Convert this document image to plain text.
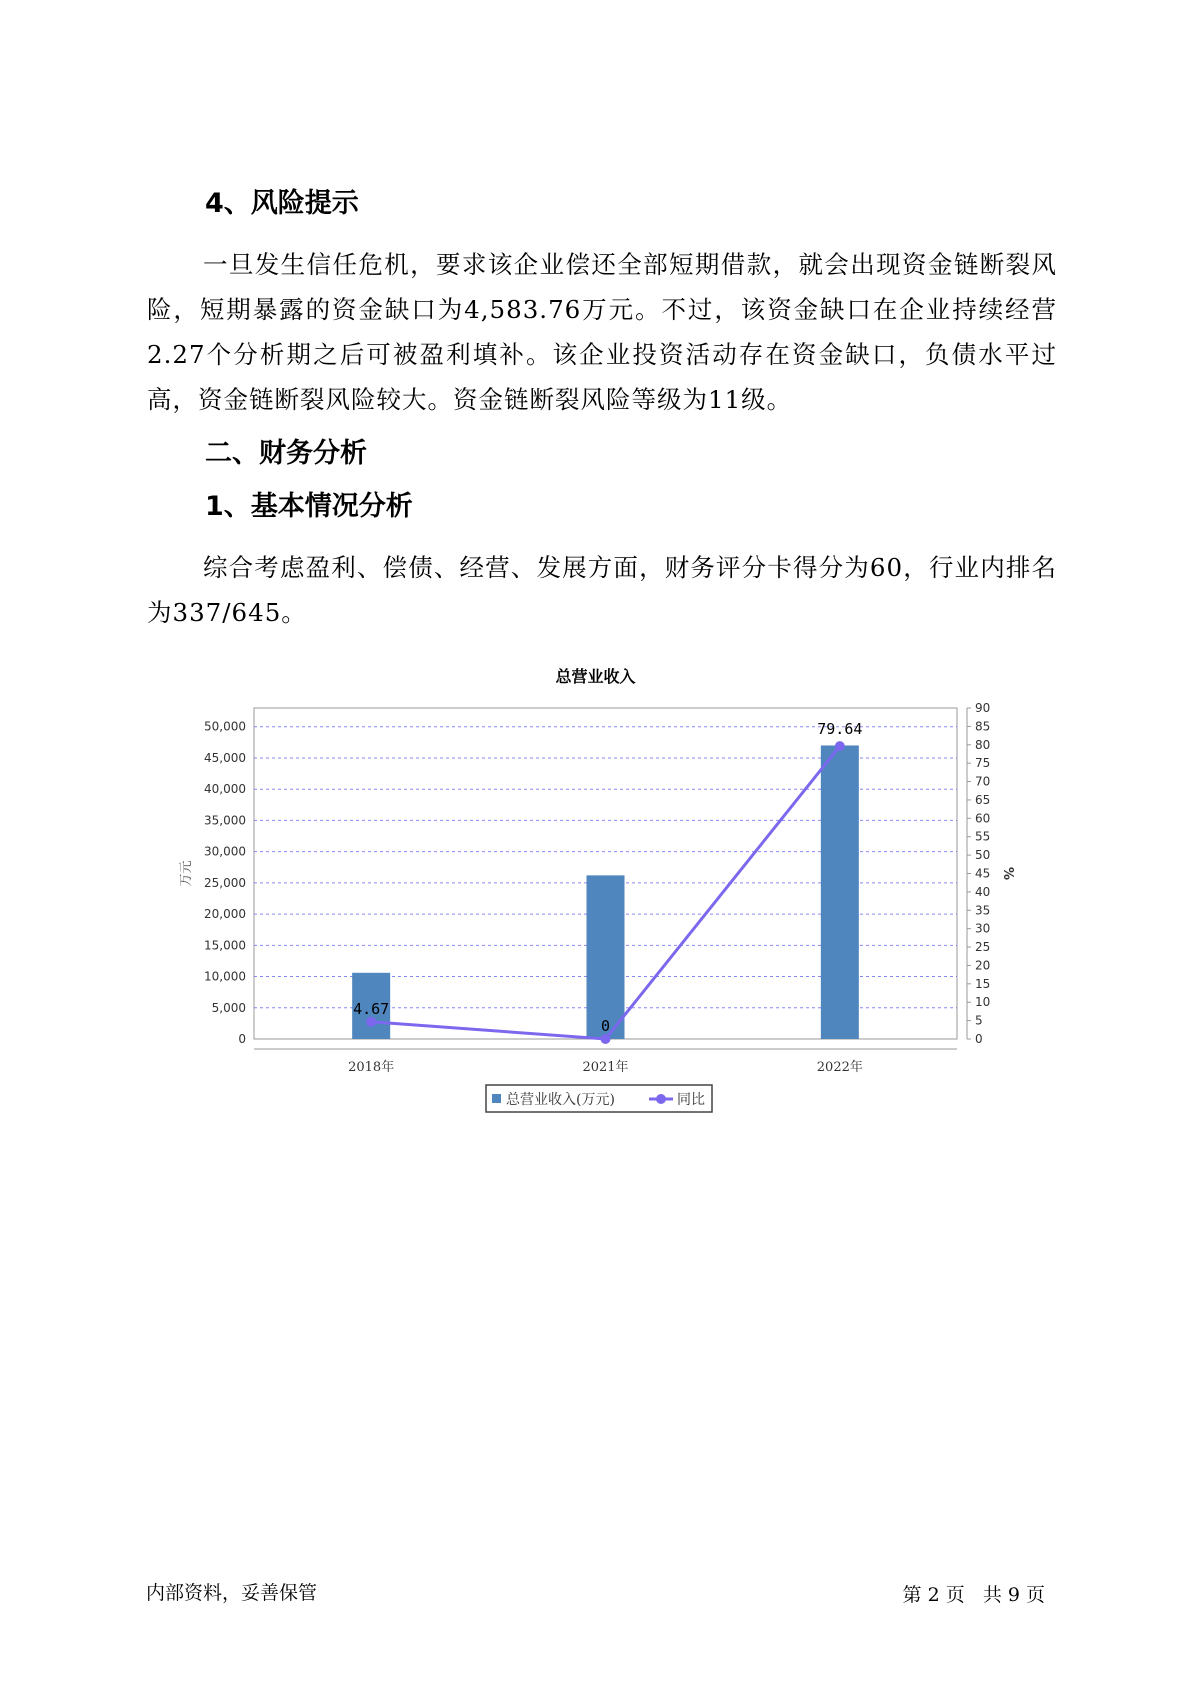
4、风险提示
一旦发生信任危机，要求该企业偿还全部短期借款，就会出现资金链断裂风险，短期暴露的资金缺口为4,583.76万元。不过，该资金缺口在企业持续经营 2.27个分析期之后可被盈利填补。该企业投资活动存在资金缺口，负债水平过高，资金链断裂风险较大。资金链断裂风险等级为11级。
二、财务分析
1、基本情况分析
综合考虑盈利、偿债、经营、发展方面，财务评分卡得分为60，行业内排名为337/645。
总营业收入
0
5,000
10,000
15,000
20,000
25,000
30,000
35,000
40,000
45,000
50,000
0
5
10
15
20
25
30
35
40
45
50
55
60
65
70
75
80
85
90
万元	%
2018年	2021年	2022年
4.67
0
79.64
总营业收入(万元)	同比
内部资料，妥善保管	第 2 页   共 9 页
